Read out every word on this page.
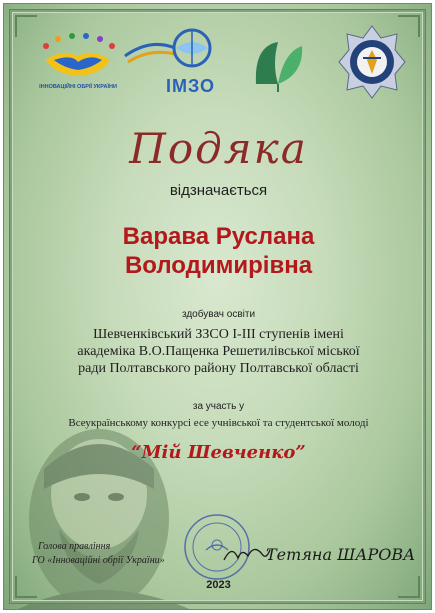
ІННОВАЦІЙНІ ОБРІЇ УКРАЇНИ	ІМЗО
Подяка
відзначається
Варава Руслана
Володимирівна
здобувач освіти
Шевченківський ЗЗСО І-ІІІ ступенів імені
академіка В.О.Пащенка Решетилівської міської
ради Полтавського району Полтавської області
за участь у
Всеукраїнському конкурсі есе учнівської та студентської молоді
“Мій Шевченко”
Голова правління
ГО «Інноваційні обрії України»	Тетяна ШАРОВА
2023
